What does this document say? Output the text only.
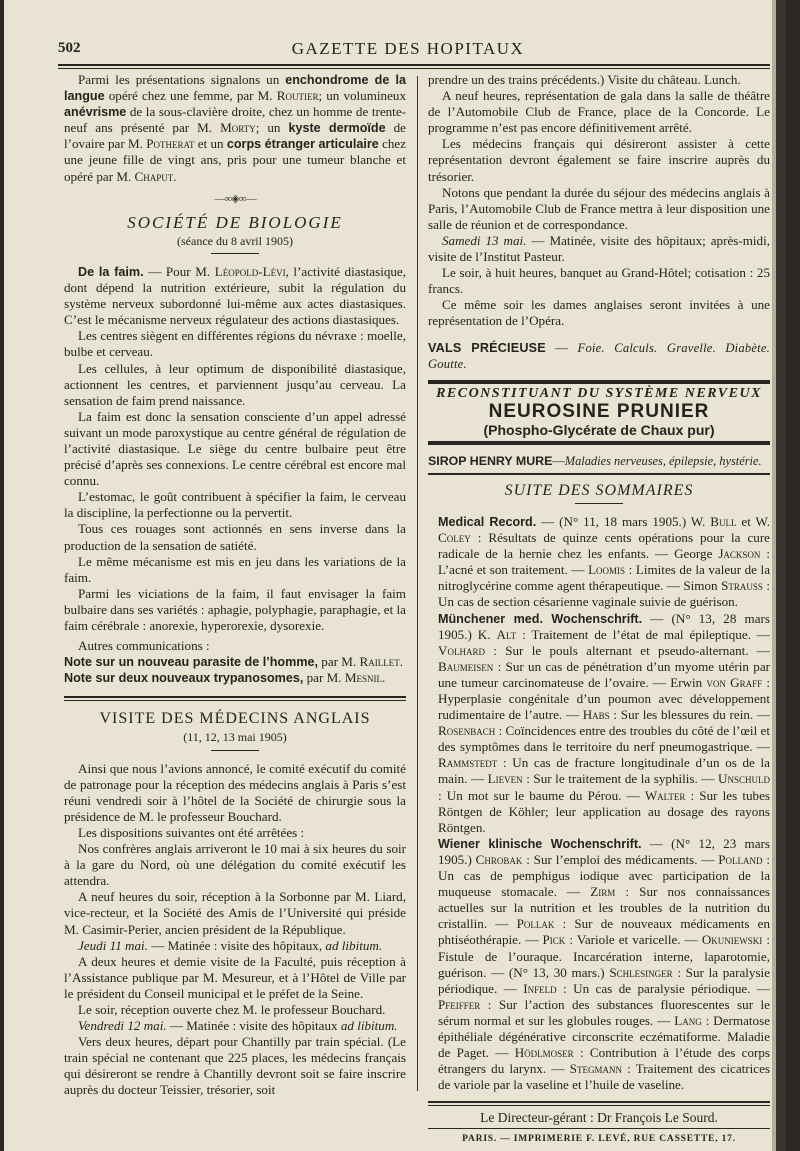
502	GAZETTE DES HOPITAUX

Parmi les présentations signalons un enchondrome de la langue opéré chez une femme, par M. Routier; un volumineux anévrisme de la sous-clavière droite, chez un homme de trente-neuf ans présenté par M. Morty; un kyste dermoïde de l’ovaire par M. Potherat et un corps étranger articulaire chez une jeune fille de vingt ans, pris pour une tumeur blanche et opéré par M. Chaput.

—∞◈∞—
SOCIÉTÉ DE BIOLOGIE
(séance du 8 avril 1905)

De la faim. — Pour M. Léopold-Lévi, l’activité diastasique, dont dépend la nutrition extérieure, subit la régulation du système nerveux subordonné lui-même aux actes diastasiques. C’est le mécanisme nerveux régulateur des actions diastasiques.

Les centres siègent en différentes régions du névraxe : moelle, bulbe et cerveau.

Les cellules, à leur optimum de disponibilité diastasique, actionnent les centres, et parviennent jusqu’au cerveau. La sensation de faim prend naissance.

La faim est donc la sensation consciente d’un appel adressé suivant un mode paroxystique au centre général de régulation de l’activité diastasique. Le siège du centre bulbaire peut être précisé d’après ses connexions. Le centre cérébral est encore mal connu.

L’estomac, le goût contribuent à spécifier la faim, le cerveau la discipline, la perfectionne ou la pervertit.

Tous ces rouages sont actionnés en sens inverse dans la production de la sensation de satiété.

Le même mécanisme est mis en jeu dans les variations de la faim.

Parmi les viciations de la faim, il faut envisager la faim bulbaire dans ses variétés : aphagie, polyphagie, paraphagie, et la faim cérébrale : anorexie, hyperorexie, dysorexie.

Autres communications :

Note sur un nouveau parasite de l’homme, par M. Raillet.

Note sur deux nouveaux trypanosomes, par M. Mesnil.

VISITE DES MÉDECINS ANGLAIS
(11, 12, 13 mai 1905)

Ainsi que nous l’avions annoncé, le comité exécutif du comité de patronage pour la réception des médecins anglais à Paris s’est réuni vendredi soir à l’hôtel de la Société de chirurgie sous la présidence de M. le professeur Bouchard.

Les dispositions suivantes ont été arrêtées :

Nos confrères anglais arriveront le 10 mai à six heures du soir à la gare du Nord, où une délégation du comité exécutif les attendra.

A neuf heures du soir, réception à la Sorbonne par M. Liard, vice-recteur, et la Société des Amis de l’Université qui préside M. Casimir-Perier, ancien président de la République.

Jeudi 11 mai. — Matinée : visite des hôpitaux, ad libitum.

A deux heures et demie visite de la Faculté, puis réception à l’Assistance publique par M. Mesureur, et à l’Hôtel de Ville par le président du Conseil municipal et le préfet de la Seine.

Le soir, réception ouverte chez M. le professeur Bouchard.

Vendredi 12 mai. — Matinée : visite des hôpitaux ad libitum.

Vers deux heures, départ pour Chantilly par train spécial. (Le train spécial ne contenant que 225 places, les médecins français qui désireront se rendre à Chantilly devront soit se faire inscrire auprès du docteur Teissier, trésorier, soit

prendre un des trains précédents.) Visite du château. Lunch.

A neuf heures, représentation de gala dans la salle de théâtre de l’Automobile Club de France, place de la Concorde. Le programme n’est pas encore définitivement arrêté.

Les médecins français qui désireront assister à cette représentation devront également se faire inscrire auprès du trésorier.

Notons que pendant la durée du séjour des médecins anglais à Paris, l’Automobile Club de France mettra à leur disposition une salle de réunion et de correspondance.

Samedi 13 mai. — Matinée, visite des hôpitaux; après-midi, visite de l’Institut Pasteur.

Le soir, à huit heures, banquet au Grand-Hôtel; cotisation : 25 francs.

Ce même soir les dames anglaises seront invitées à une représentation de l’Opéra.

VALS PRÉCIEUSE — Foie. Calculs. Gravelle. Diabète. Goutte.
RECONSTITUANT DU SYSTÈME NERVEUX
NEUROSINE PRUNIER
(Phospho-Glycérate de Chaux pur)
SIROP HENRY MURE—Maladies nerveuses, épilepsie, hystérie.
SUITE DES SOMMAIRES

Medical Record. — (N° 11, 18 mars 1905.) W. Bull et W. Coley : Résultats de quinze cents opérations pour la cure radicale de la hernie chez les enfants. — George Jackson : L’acné et son traitement. — Loomis : Limites de la valeur de la nitroglycérine comme agent thérapeutique. — Simon Strauss : Un cas de section césarienne vaginale suivie de guérison.

Münchener med. Wochenschrift. — (N° 13, 28 mars 1905.) K. Alt : Traitement de l’état de mal épileptique. — Volhard : Sur le pouls alternant et pseudo-alternant. — Baumeisen : Sur un cas de pénétration d’un myome utérin par une tumeur carcinomateuse de l’ovaire. — Erwin von Graff : Hyperplasie congénitale d’un poumon avec développement rudimentaire de l’autre. — Habs : Sur les blessures du rein. — Rosenbach : Coïncidences entre des troubles du côté de l’œil et des symptômes dans le territoire du nerf pneumogastrique. — Rammstedt : Un cas de fracture longitudinale d’un os de la main. — Lieven : Sur le traitement de la syphilis. — Unschuld : Un mot sur le baume du Pérou. — Walter : Sur les tubes Röntgen de Köhler; leur application au dosage des rayons Röntgen.

Wiener klinische Wochenschrift. — (N° 12, 23 mars 1905.) Chrobak : Sur l’emploi des médicaments. — Polland : Un cas de pemphigus iodique avec participation de la muqueuse stomacale. — Zirm : Sur nos connaissances actuelles sur la nutrition et les troubles de la nutrition du cristallin. — Pollak : Sur de nouveaux médicaments en phtiséothérapie. — Pick : Variole et varicelle. — Okuniewski : Fistule de l’ouraque. Incarcération interne, laparotomie, guérison. — (N° 13, 30 mars.) Schlesinger : Sur la paralysie périodique. — Infeld : Un cas de paralysie périodique. — Pfeiffer : Sur l’action des substances fluorescentes sur le sérum normal et sur les globules rouges. — Lang : Dermatose épithéliale dégénérative circonscrite eczématiforme. Maladie de Paget. — Hödlmoser : Contribution à l’étude des corps étrangers du larynx. — Stegmann : Traitement des cicatrices de variole par la vaseline et l’huile de vaseline.

Le Directeur-gérant : Dr François Le Sourd.
PARIS. — IMPRIMERIE F. LEVÉ, RUE CASSETTE, 17.
